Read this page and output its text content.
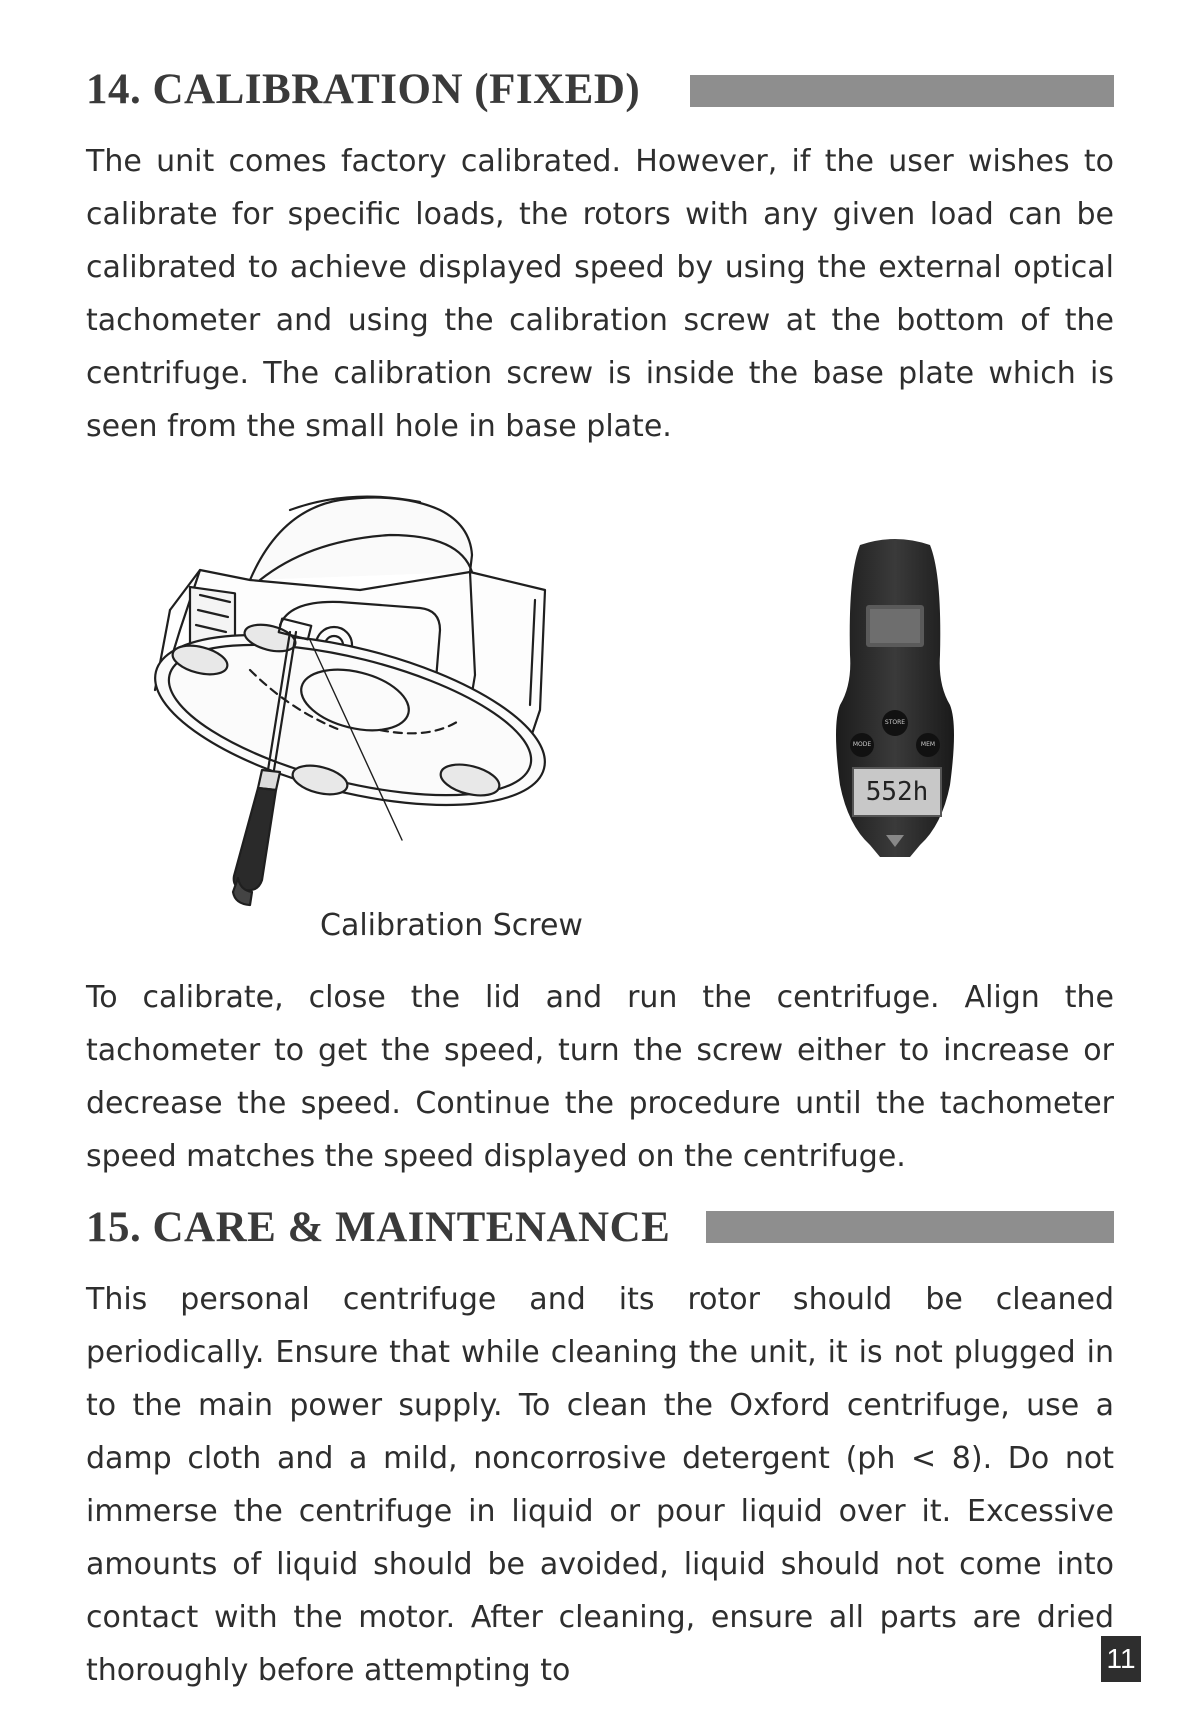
14. CALIBRATION (FIXED)

The unit comes factory calibrated. However, if the user wishes to calibrate for specific loads, the rotors with any given load can be calibrated to achieve displayed speed by using the external optical tachometer and using the calibration screw at the bottom of the centrifuge. The calibration screw is inside the base plate which is seen from the small hole in base plate.

Calibration Screw

552h
STORE
MODE	MEM

To calibrate, close the lid and run the centrifuge. Align the tachometer to get the speed, turn the screw either to increase or decrease the speed. Continue the procedure until the tachometer speed matches the speed displayed on the centrifuge.

15. CARE & MAINTENANCE

This personal centrifuge and its rotor should be cleaned periodically. Ensure that while cleaning the unit, it is not plugged in to the main power supply. To clean the Oxford centrifuge, use a damp cloth and a mild, noncorrosive detergent (ph < 8). Do not immerse the centrifuge in liquid or pour liquid over it. Excessive amounts of liquid should be avoided, liquid should not come into contact with the motor. After cleaning, ensure all parts are dried thoroughly before attempting to	11
